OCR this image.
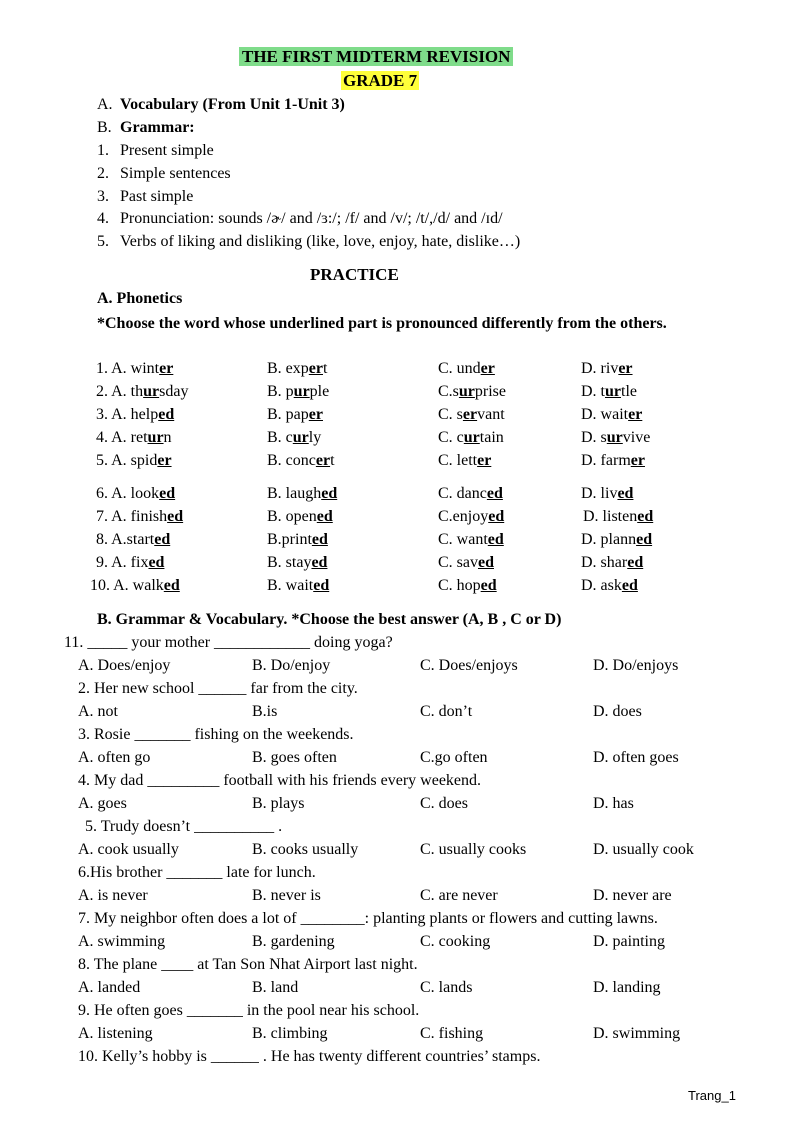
THE FIRST MIDTERM REVISION
GRADE 7
A. Vocabulary (From Unit 1-Unit 3)
B. Grammar:
1. Present simple
2. Simple sentences
3. Past simple
4. Pronunciation: sounds /ɚ/ and /ɜ:/; /f/ and /v/; /t/,/d/ and /ɪd/
5. Verbs of liking and disliking (like, love, enjoy, hate, dislike…)
PRACTICE
A. Phonetics
*Choose the word whose underlined part is pronounced differently from the others.
1. A. winter	B. expert	C. under	D. river
2. A. thursday	B. purple	C.surprise	D. turtle
3. A. helped	B. paper	C. servant	D. waiter
4. A. return	B. curly	C. curtain	D. survive
5. A. spider	B. concert	C. letter	D. farmer
6. A. looked	B. laughed	C. danced	D. lived
7. A. finished	B. opened	C.enjoyed	D. listened
8. A.started	B.printed	C. wanted	D. planned
9. A. fixed	B. stayed	C. saved	D. shared
10. A. walked	B. waited	C. hoped	D. asked
B. Grammar & Vocabulary. *Choose the best answer (A, B , C or D)
11. _____ your mother ____________ doing yoga?
A. Does/enjoy	B. Do/enjoy	C. Does/enjoys	D. Do/enjoys
2. Her new school ______ far from the city.
A. not	B.is	C. don’t	D. does
3. Rosie _______ fishing on the weekends.
A. often go	B. goes often	C.go often	D. often goes
4. My dad _________ football with his friends every weekend.
A. goes	B. plays	C. does	D. has
5. Trudy doesn’t __________ .
A. cook usually	B. cooks usually	C. usually cooks	D. usually cook
6.His brother _______ late for lunch.
A. is never	B. never is	C. are never	D. never are
7. My neighbor often does a lot of ________: planting plants or flowers and cutting lawns.
A. swimming	B. gardening	C. cooking	D. painting
8. The plane ____ at Tan Son Nhat Airport last night.
A. landed	B. land	C. lands	D. landing
9. He often goes _______ in the pool near his school.
A. listening	B. climbing	C. fishing	D. swimming
10. Kelly’s hobby is ______ . He has twenty different countries’ stamps.
Trang_1
